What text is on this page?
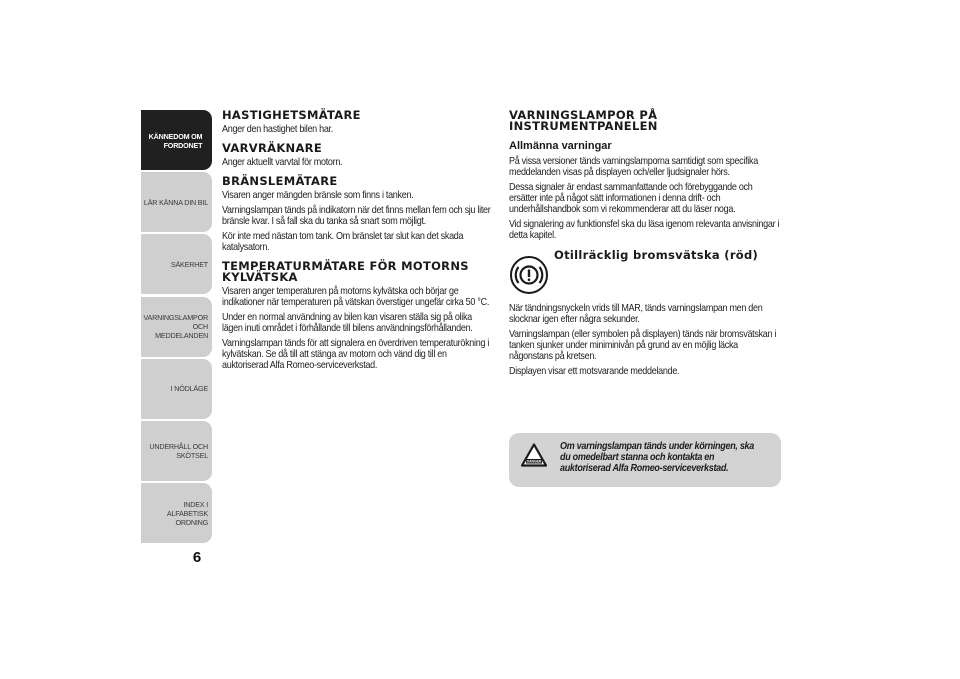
KÄNNEDOM OM
FORDONET
LÄR KÄNNA DIN BIL
SÄKERHET
VARNINGSLAMPOR
OCH MEDDELANDEN
I NÖDLÄGE
UNDERHÅLL OCH
SKÖTSEL
INDEX I ALFABETISK
ORDNING
6
HASTIGHETSMÄTARE

Anger den hastighet bilen har.

VARVRÄKNARE

Anger aktuellt varvtal för motorn.

BRÄNSLEMÄTARE

Visaren anger mängden bränsle som finns i tanken.

Varningslampan tänds på indikatorn när det finns mellan fem och sju liter bränsle kvar. I så fall ska du tanka så snart som möjligt.

Kör inte med nästan tom tank. Om bränslet tar slut kan det skada katalysatorn.

TEMPERATURMÄTARE FÖR MOTORNS
KYLVÄTSKA

Visaren anger temperaturen på motorns kylvätska och börjar ge indikationer när temperaturen på vätskan överstiger ungefär cirka 50 °C.

Under en normal användning av bilen kan visaren ställa sig på olika lägen inuti området i förhållande till bilens användningsförhållanden.

Varningslampan tänds för att signalera en överdriven temperaturökning i kylvätskan. Se då till att stänga av motorn och vänd dig till en auktoriserad Alfa Romeo-serviceverkstad.

VARNINGSLAMPOR PÅ
INSTRUMENTPANELEN
Allmänna varningar

På vissa versioner tänds varningslamporna samtidigt som specifika meddelanden visas på displayen och/eller ljudsignaler hörs.

Dessa signaler är endast sammanfattande och förebyggande och ersätter inte på något sätt informationen i denna drift- och underhållshandbok som vi rekommenderar att du läser noga.

Vid signalering av funktionsfel ska du läsa igenom relevanta anvisningar i detta kapitel.

Otillräcklig bromsvätska (röd)

När tändningsnyckeln vrids till MAR, tänds varningslampan men den slocknar igen efter några sekunder.

Varningslampan (eller symbolen på displayen) tänds när bromsvätskan i tanken sjunker under miniminivån på grund av en möjlig läcka någonstans på kretsen.

Displayen visar ett motsvarande meddelande.

DANGER
Om varningslampan tänds under körningen, ska du omedelbart stanna och kontakta en auktoriserad Alfa Romeo-serviceverkstad.
